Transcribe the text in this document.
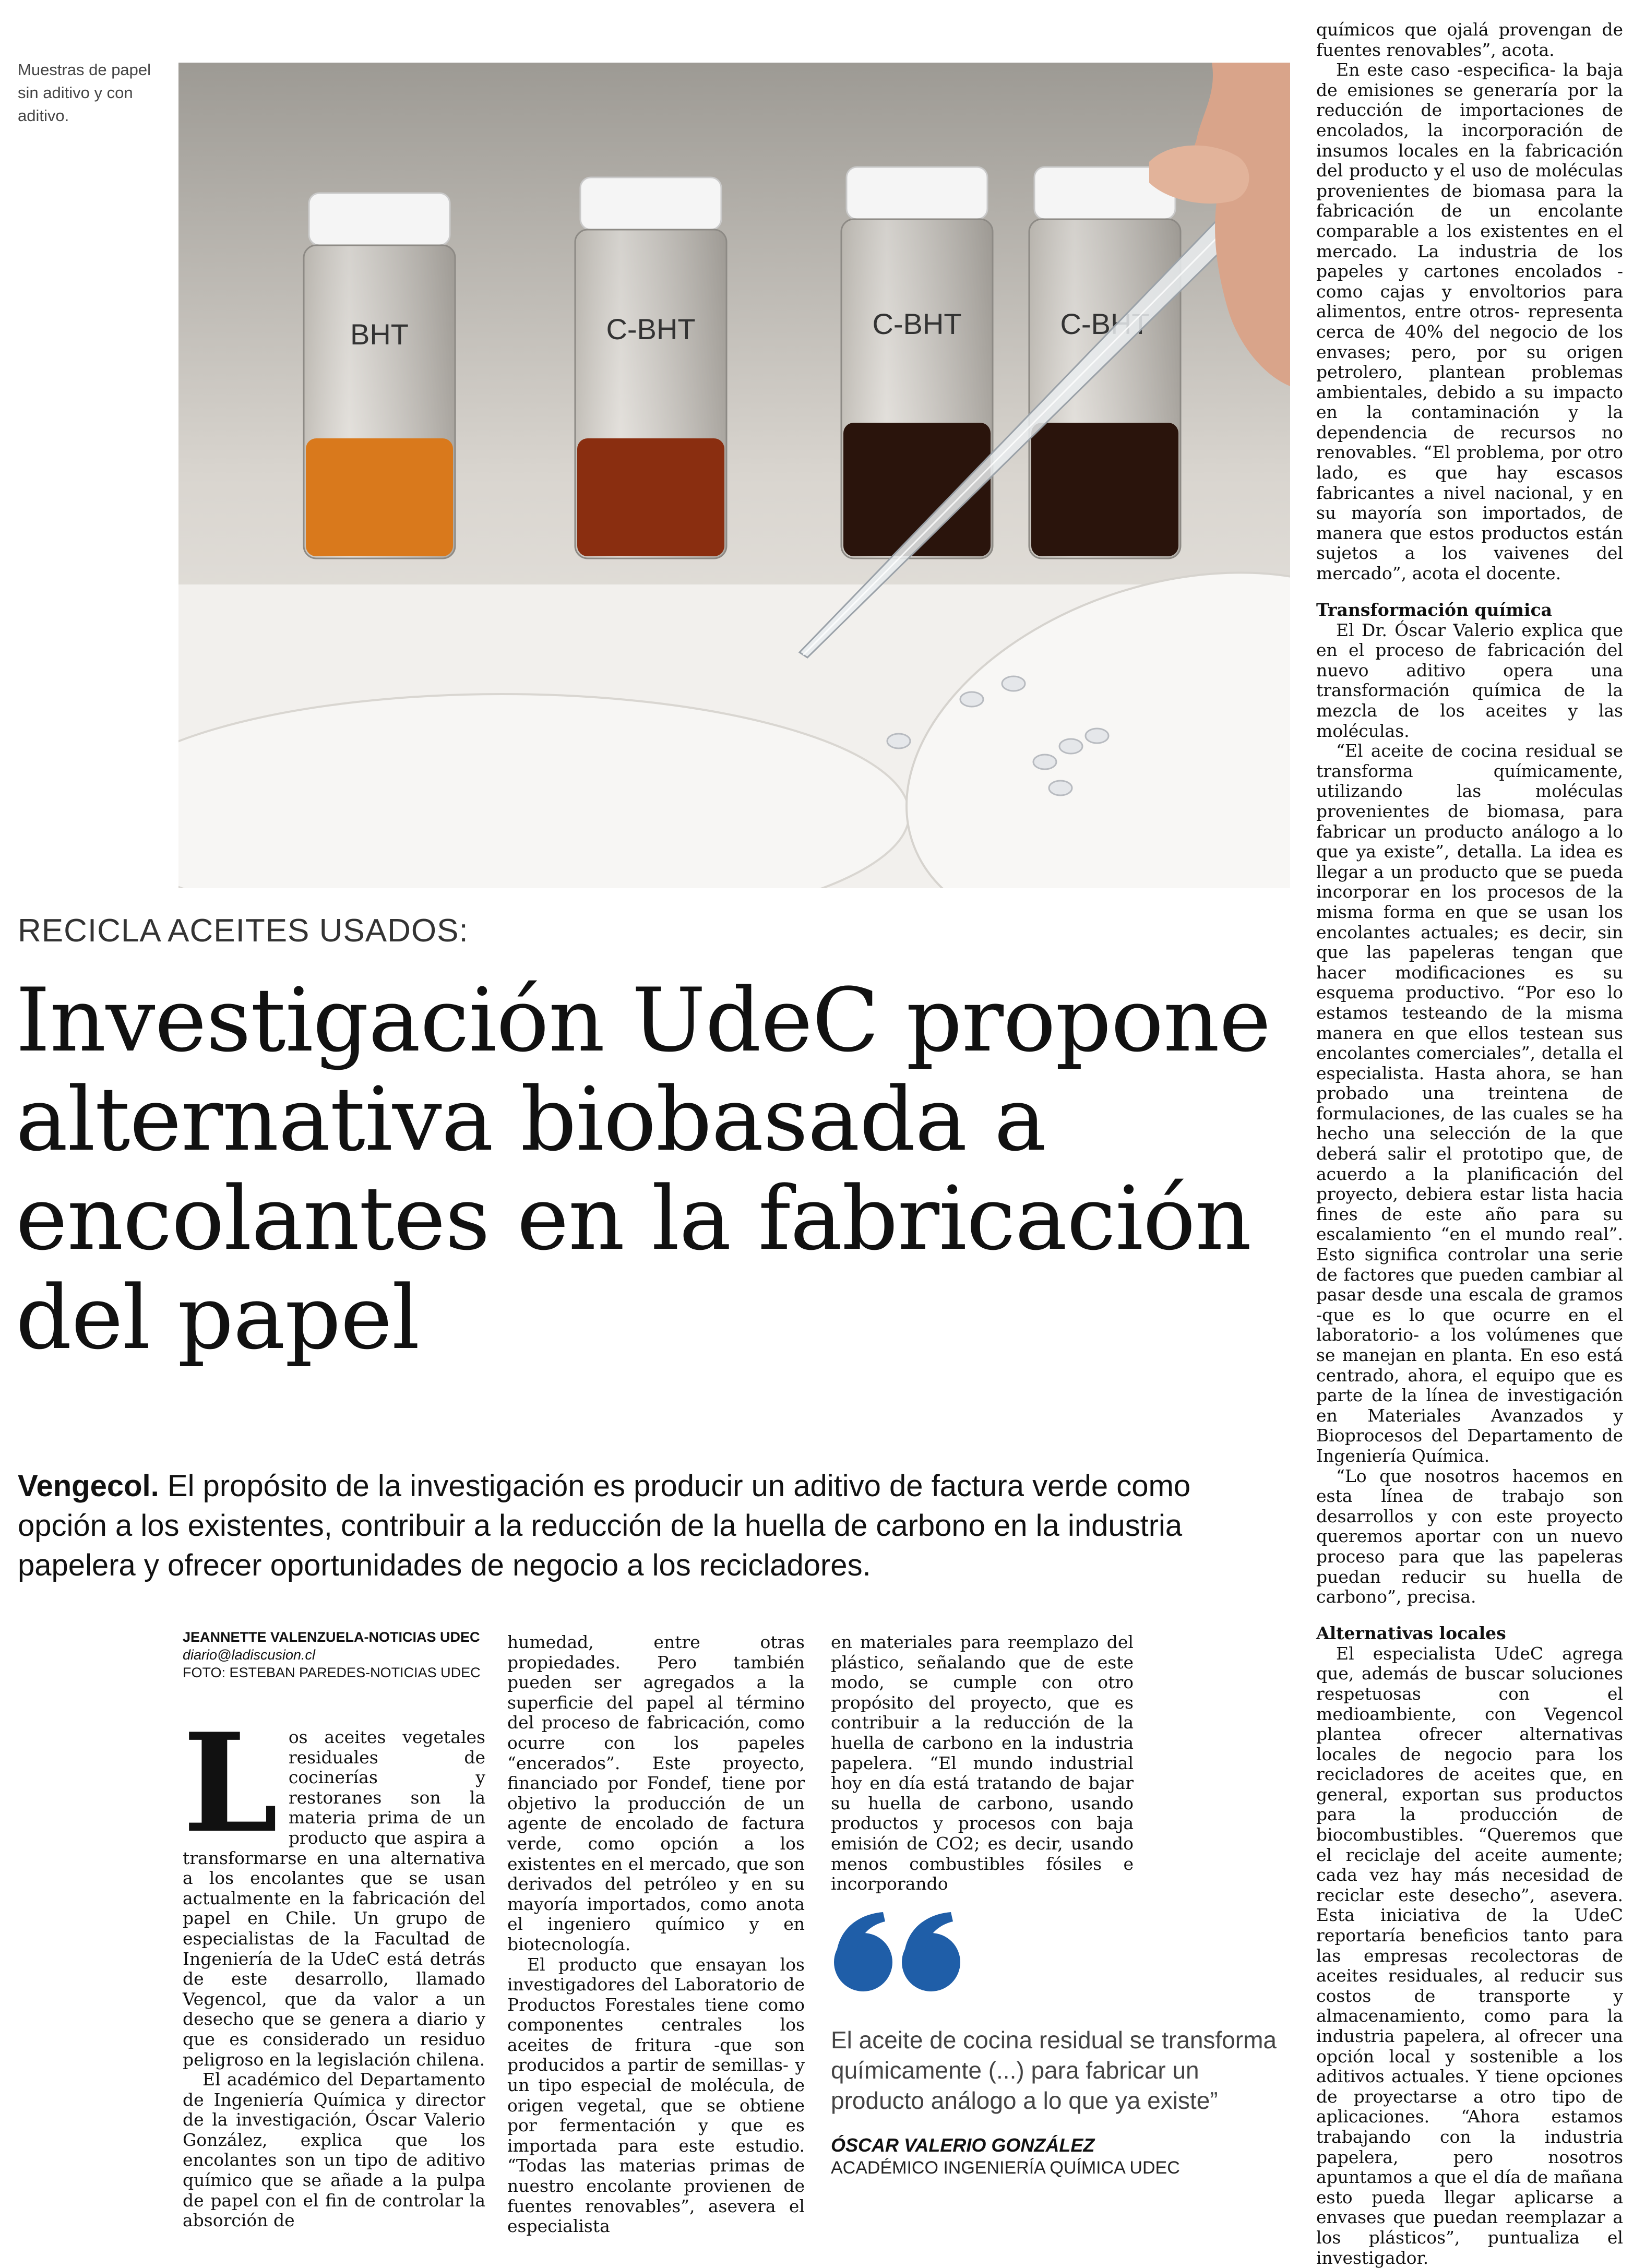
Muestras de papel sin aditivo y con aditivo.
BHT	C-BHT	C-BHT	C-BHT
RECICLA ACEITES USADOS:
Investigación UdeC propone alternativa biobasada a encolantes en la fabricación del papel
Vengecol. El propósito de la investigación es producir un aditivo de factura verde como opción a los existentes, contribuir a la reducción de la huella de carbono en la industria papelera y ofrecer oportunidades de negocio a los recicladores.
JEANNETTE VALENZUELA-NOTICIAS UDEC
diario@ladiscusion.cl
FOTO: ESTEBAN PAREDES-NOTICIAS UDEC
L os aceites vegetales residuales de cocinerías y restoranes son la materia prima de un producto que aspira a transformarse en una alternativa a los encolantes que se usan actualmente en la fabricación del papel en Chile. Un grupo de especialistas de la Facultad de Ingeniería de la UdeC está detrás de este desarrollo, llamado Vegencol, que da valor a un desecho que se genera a diario y que es considerado un residuo peligroso en la legislación chilena.

El académico del Departamento de Ingeniería Química y director de la investigación, Óscar Valerio González, explica que los encolantes son un tipo de aditivo químico que se añade a la pulpa de papel con el fin de controlar la absorción de

humedad, entre otras propiedades. Pero también pueden ser agregados a la superficie del papel al término del proceso de fabricación, como ocurre con los papeles “encerados”. Este proyecto, financiado por Fondef, tiene por objetivo la producción de un agente de encolado de factura verde, como opción a los existentes en el mercado, que son derivados del petróleo y en su mayoría importados, como anota el ingeniero químico y en biotecnología.

El producto que ensayan los investigadores del Laboratorio de Productos Forestales tiene como componentes centrales los aceites de fritura -que son producidos a partir de semillas- y un tipo especial de molécula, de origen vegetal, que se obtiene por fermentación y que es importada para este estudio. “Todas las materias primas de nuestro encolante provienen de fuentes renovables”, asevera el especialista

en materiales para reemplazo del plástico, señalando que de este modo, se cumple con otro propósito del proyecto, que es contribuir a la reducción de la huella de carbono en la industria papelera. “El mundo industrial hoy en día está tratando de bajar su huella de carbono, usando productos y procesos con baja emisión de CO2; es decir, usando menos combustibles fósiles e incorporando

El aceite de cocina residual se transforma químicamente (...) para fabricar un producto análogo a lo que ya existe”
ÓSCAR VALERIO GONZÁLEZ
ACADÉMICO INGENIERÍA QUÍMICA UDEC

químicos que ojalá provengan de fuentes renovables”, acota.

En este caso -especifica- la baja de emisiones se generaría por la reducción de importaciones de encolados, la incorporación de insumos locales en la fabricación del producto y el uso de moléculas provenientes de biomasa para la fabricación de un encolante comparable a los existentes en el mercado. La industria de los papeles y cartones encolados -como cajas y envoltorios para alimentos, entre otros- representa cerca de 40% del negocio de los envases; pero, por su origen petrolero, plantean problemas ambientales, debido a su impacto en la contaminación y la dependencia de recursos no renovables. “El problema, por otro lado, es que hay escasos fabricantes a nivel nacional, y en su mayoría son importados, de manera que estos productos están sujetos a los vaivenes del mercado”, acota el docente.

Transformación química

El Dr. Óscar Valerio explica que en el proceso de fabricación del nuevo aditivo opera una transformación química de la mezcla de los aceites y las moléculas.

“El aceite de cocina residual se transforma químicamente, utilizando las moléculas provenientes de biomasa, para fabricar un producto análogo a lo que ya existe”, detalla. La idea es llegar a un producto que se pueda incorporar en los procesos de la misma forma en que se usan los encolantes actuales; es decir, sin que las papeleras tengan que hacer modificaciones es su esquema productivo. “Por eso lo estamos testeando de la misma manera en que ellos testean sus encolantes comerciales”, detalla el especialista. Hasta ahora, se han probado una treintena de formulaciones, de las cuales se ha hecho una selección de la que deberá salir el prototipo que, de acuerdo a la planificación del proyecto, debiera estar lista hacia fines de este año para su escalamiento “en el mundo real”. Esto significa controlar una serie de factores que pueden cambiar al pasar desde una escala de gramos -que es lo que ocurre en el laboratorio- a los volúmenes que se manejan en planta. En eso está centrado, ahora, el equipo que es parte de la línea de investigación en Materiales Avanzados y Bioprocesos del Departamento de Ingeniería Química.

“Lo que nosotros hacemos en esta línea de trabajo son desarrollos y con este proyecto queremos aportar con un nuevo proceso para que las papeleras puedan reducir su huella de carbono”, precisa.

Alternativas locales

El especialista UdeC agrega que, además de buscar soluciones respetuosas con el medioambiente, con Vegencol plantea ofrecer alternativas locales de negocio para los recicladores de aceites que, en general, exportan sus productos para la producción de biocombustibles. “Queremos que el reciclaje del aceite aumente; cada vez hay más necesidad de reciclar este desecho”, asevera. Esta iniciativa de la UdeC reportaría beneficios tanto para las empresas recolectoras de aceites residuales, al reducir sus costos de transporte y almacenamiento, como para la industria papelera, al ofrecer una opción local y sostenible a los aditivos actuales. Y tiene opciones de proyectarse a otro tipo de aplicaciones. “Ahora estamos trabajando con la industria papelera, pero nosotros apuntamos a que el día de mañana esto pueda llegar aplicarse a envases que puedan reemplazar a los plásticos”, puntualiza el investigador.
